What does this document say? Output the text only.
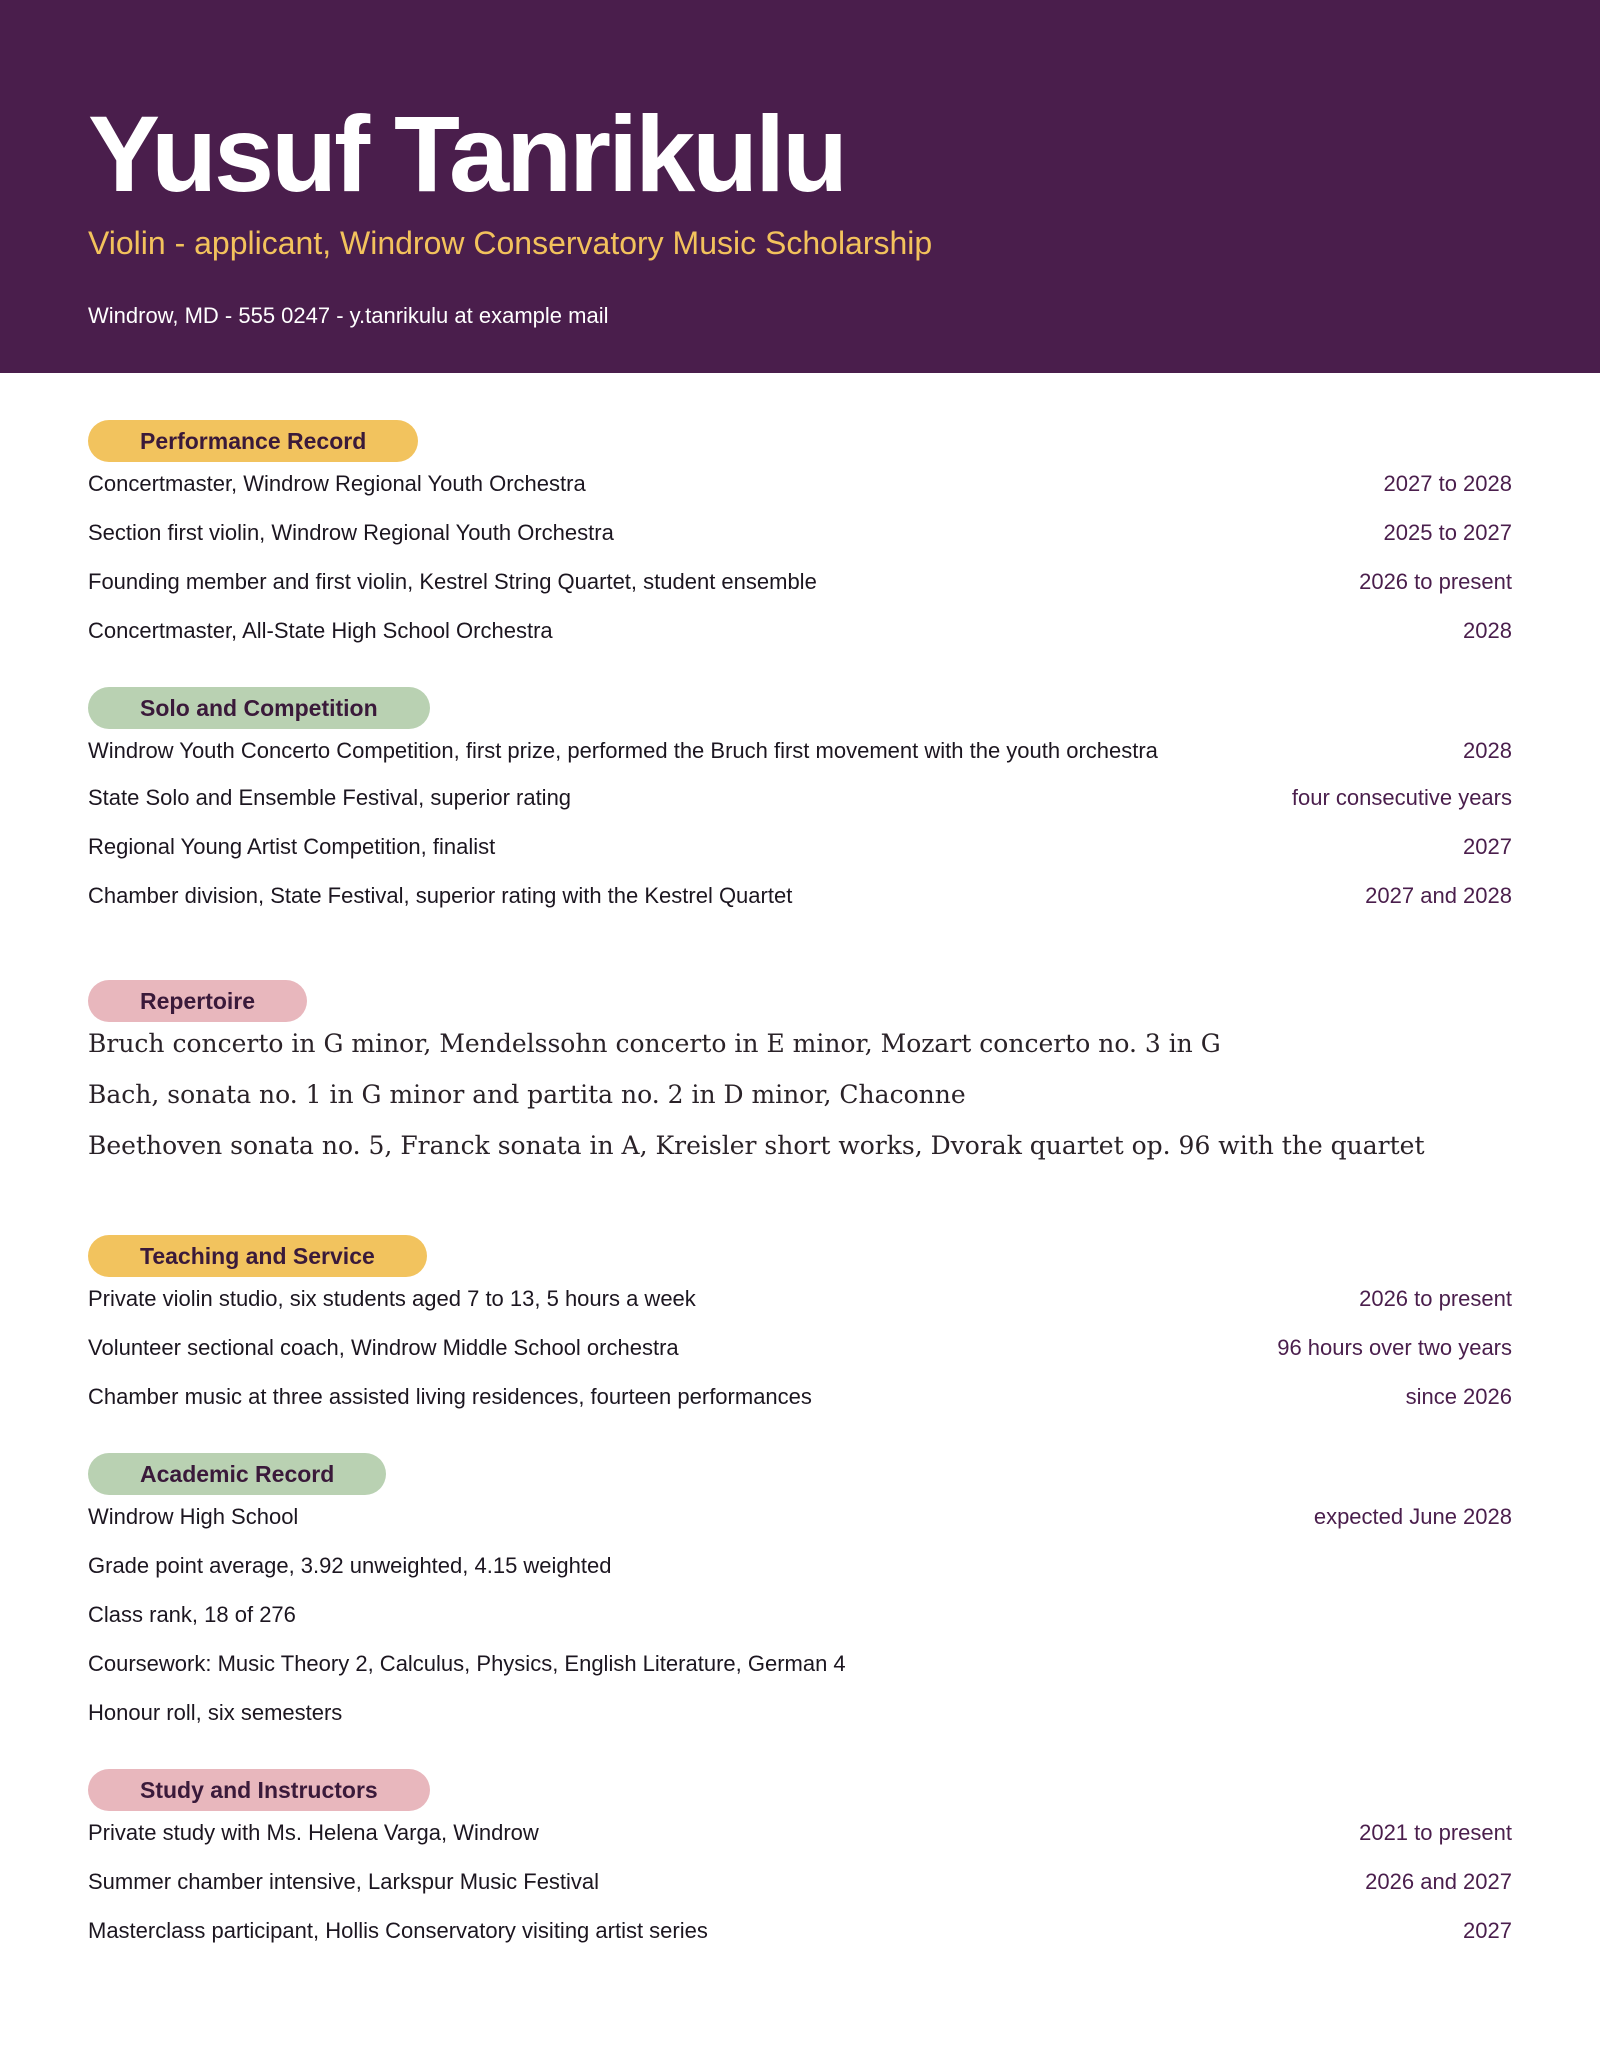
Yusuf Tanrikulu
Violin - applicant, Windrow Conservatory Music Scholarship
Windrow, MD - 555 0247 - y.tanrikulu at example mail
Performance Record
Concertmaster, Windrow Regional Youth Orchestra	2027 to 2028
Section first violin, Windrow Regional Youth Orchestra	2025 to 2027
Founding member and first violin, Kestrel String Quartet, student ensemble	2026 to present
Concertmaster, All-State High School Orchestra	2028
Solo and Competition
Windrow Youth Concerto Competition, first prize, performed the Bruch first movement with the youth orchestra	2028
State Solo and Ensemble Festival, superior rating	four consecutive years
Regional Young Artist Competition, finalist	2027
Chamber division, State Festival, superior rating with the Kestrel Quartet	2027 and 2028
Repertoire
Bruch concerto in G minor, Mendelssohn concerto in E minor, Mozart concerto no. 3 in G
Bach, sonata no. 1 in G minor and partita no. 2 in D minor, Chaconne
Beethoven sonata no. 5, Franck sonata in A, Kreisler short works, Dvorak quartet op. 96 with the quartet
Teaching and Service
Private violin studio, six students aged 7 to 13, 5 hours a week	2026 to present
Volunteer sectional coach, Windrow Middle School orchestra	96 hours over two years
Chamber music at three assisted living residences, fourteen performances	since 2026
Academic Record
Windrow High School	expected June 2028
Grade point average, 3.92 unweighted, 4.15 weighted
Class rank, 18 of 276
Coursework: Music Theory 2, Calculus, Physics, English Literature, German 4
Honour roll, six semesters
Study and Instructors
Private study with Ms. Helena Varga, Windrow	2021 to present
Summer chamber intensive, Larkspur Music Festival	2026 and 2027
Masterclass participant, Hollis Conservatory visiting artist series	2027
